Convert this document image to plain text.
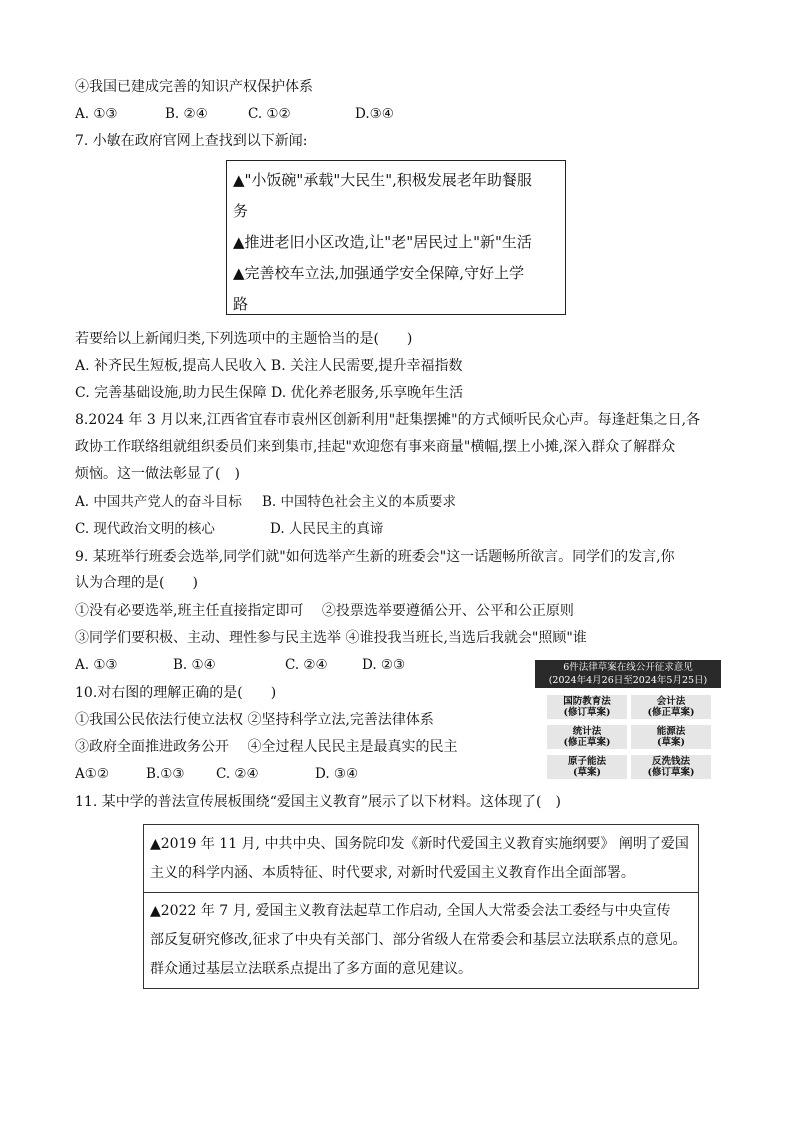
④我国已建成完善的知识产权保护体系
A. ①③	B. ②④	C. ①②	D.③④
7. 小敏在政府官网上查找到以下新闻:
▲"小饭碗"承载"大民生",积极发展老年助餐服
务
▲推进老旧小区改造,让"老"居民过上"新"生活
▲完善校车立法,加强通学安全保障,守好上学
路
若要给以上新闻归类,下列选项中的主题恰当的是(　　)
A. 补齐民生短板,提高人民收入 B. 关注人民需要,提升幸福指数
C. 完善基础设施,助力民生保障 D. 优化养老服务,乐享晚年生活
8.2024 年 3 月以来,江西省宜春市袁州区创新利用"赶集摆摊"的方式倾听民众心声。每逢赶集之日,各
政协工作联络组就组织委员们来到集市,挂起"欢迎您有事来商量"横幅,摆上小摊,深入群众了解群众
烦恼。这一做法彰显了(　)
A. 中国共产党人的奋斗目标 B. 中国特色社会主义的本质要求
C. 现代政治文明的核心	D. 人民民主的真谛
9. 某班举行班委会选举,同学们就"如何选举产生新的班委会"这一话题畅所欲言。同学们的发言,你
认为合理的是(　　)
①没有必要选举,班主任直接指定即可　 ②投票选举要遵循公开、公平和公正原则
③同学们要积极、主动、理性参与民主选举 ④谁投我当班长,当选后我就会"照顾"谁
A. ①③	B. ①④	C. ②④	D. ②③
10.对右图的理解正确的是(　　)
①我国公民依法行使立法权 ②坚持科学立法,完善法律体系
③政府全面推进政务公开　 ④全过程人民民主是最真实的民主
A①②	B.①③ C. ②④	D. ③④
6件法律草案在线公开征求意见
(2024年4月26日至2024年5月25日)
国防教育法
(修订草案)
会计法
(修正草案)
统计法
(修正草案)
能源法
(草案)
原子能法
(草案)
反洗钱法
(修订草案)
11. 某中学的普法宣传展板围绕“爱国主义教育”展示了以下材料。这体现了(　)
▲2019 年 11 月, 中共中央、国务院印发《新时代爱国主义教育实施纲要》 阐明了爱国
主义的科学内涵、本质特征、时代要求, 对新时代爱国主义教育作出全面部署。
▲2022 年 7 月, 爱国主义教育法起草工作启动, 全国人大常委会法工委经与中央宣传
部反复研究修改,征求了中央有关部门、部分省级人在常委会和基层立法联系点的意见。
群众通过基层立法联系点提出了多方面的意见建议。
